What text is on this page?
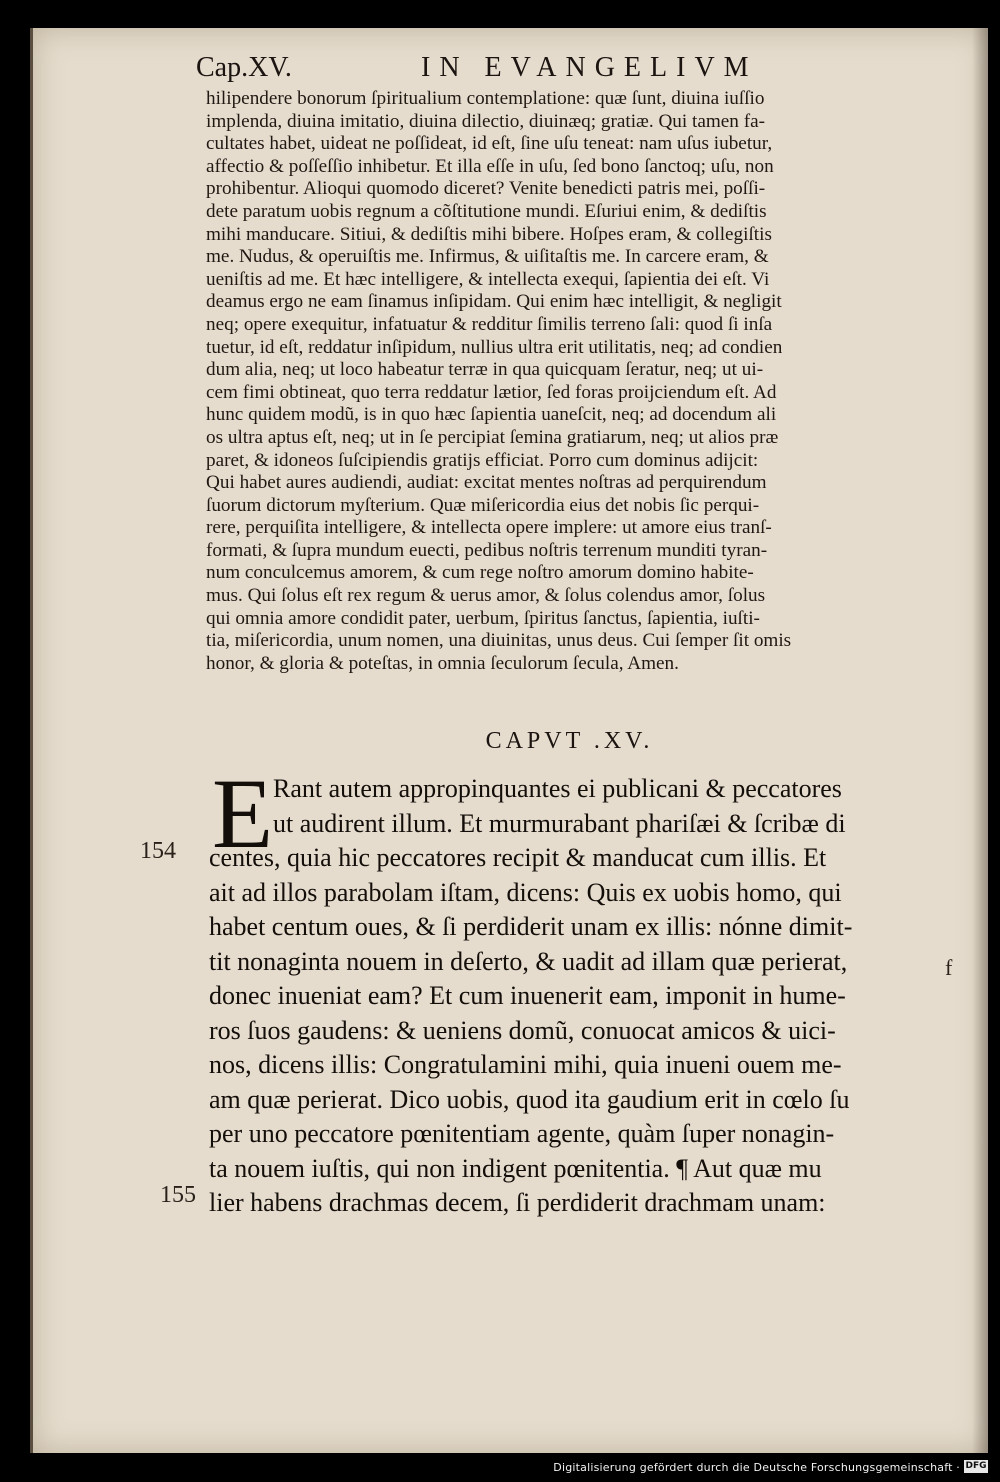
Cap.XV.	IN EVANGELIVM
hilipendere bonorum ſpiritualium contemplatione: quæ ſunt, diuina iuſſio
implenda, diuina imitatio, diuina dilectio, diuinæq; gratiæ. Qui tamen fa-
cultates habet, uideat ne poſſideat, id eſt, ſine uſu teneat: nam uſus iubetur,
affectio & poſſeſſio inhibetur. Et illa eſſe in uſu, ſed bono ſanctoq; uſu, non
prohibentur. Alioqui quomodo diceret? Venite benedicti patris mei, poſſi-
dete paratum uobis regnum a cõſtitutione mundi. Eſuriui enim, & dediſtis
mihi manducare. Sitiui, & dediſtis mihi bibere. Hoſpes eram, & collegiſtis
me. Nudus, & operuiſtis me. Infirmus, & uiſitaſtis me. In carcere eram, &
ueniſtis ad me. Et hæc intelligere, & intellecta exequi, ſapientia dei eſt. Vi
deamus ergo ne eam ſinamus inſipidam. Qui enim hæc intelligit, & negligit
neq; opere exequitur, infatuatur & redditur ſimilis terreno ſali: quod ſi inſa
tuetur, id eſt, reddatur inſipidum, nullius ultra erit utilitatis, neq; ad condien
dum alia, neq; ut loco habeatur terræ in qua quicquam ſeratur, neq; ut ui-
cem fimi obtineat, quo terra reddatur lætior, ſed foras proijciendum eſt. Ad
hunc quidem modũ, is in quo hæc ſapientia uaneſcit, neq; ad docendum ali
os ultra aptus eſt, neq; ut in ſe percipiat ſemina gratiarum, neq; ut alios præ
paret, & idoneos ſuſcipiendis gratijs efficiat. Porro cum dominus adijcit:
Qui habet aures audiendi, audiat: excitat mentes noſtras ad perquirendum
ſuorum dictorum myſterium. Quæ miſericordia eius det nobis ſic perqui-
rere, perquiſita intelligere, & intellecta opere implere: ut amore eius tranſ-
formati, & ſupra mundum euecti, pedibus noſtris terrenum munditi tyran-
num conculcemus amorem, & cum rege noſtro amorum domino habite-
mus. Qui ſolus eſt rex regum & uerus amor, & ſolus colendus amor, ſolus
qui omnia amore condidit pater, uerbum, ſpiritus ſanctus, ſapientia, iuſti-
tia, miſericordia, unum nomen, una diuinitas, unus deus. Cui ſemper ſit omis
honor, & gloria & poteſtas, in omnia ſeculorum ſecula, Amen.
CAPVT .XV.
E Rant autem appropinquantes ei publicani & peccatores
ut audirent illum. Et murmurabant phariſæi & ſcribæ di
centes, quia hic peccatores recipit & manducat cum illis. Et
ait ad illos parabolam iſtam, dicens: Quis ex uobis homo, qui
habet centum oues, & ſi perdiderit unam ex illis: nónne dimit-
tit nonaginta nouem in deſerto, & uadit ad illam quæ perierat,
donec inueniat eam? Et cum inuenerit eam, imponit in hume-
ros ſuos gaudens: & ueniens domũ, conuocat amicos & uici-
nos, dicens illis: Congratulamini mihi, quia inueni ouem me-
am quæ perierat. Dico uobis, quod ita gaudium erit in cœlo ſu
per uno peccatore pœnitentiam agente, quàm ſuper nonagin-
ta nouem iuſtis, qui non indigent pœnitentia. ¶ Aut quæ mu
lier habens drachmas decem, ſi perdiderit drachmam unam:
154
155
f
Digitalisierung gefördert durch die Deutsche Forschungsgemeinschaft · DFG
